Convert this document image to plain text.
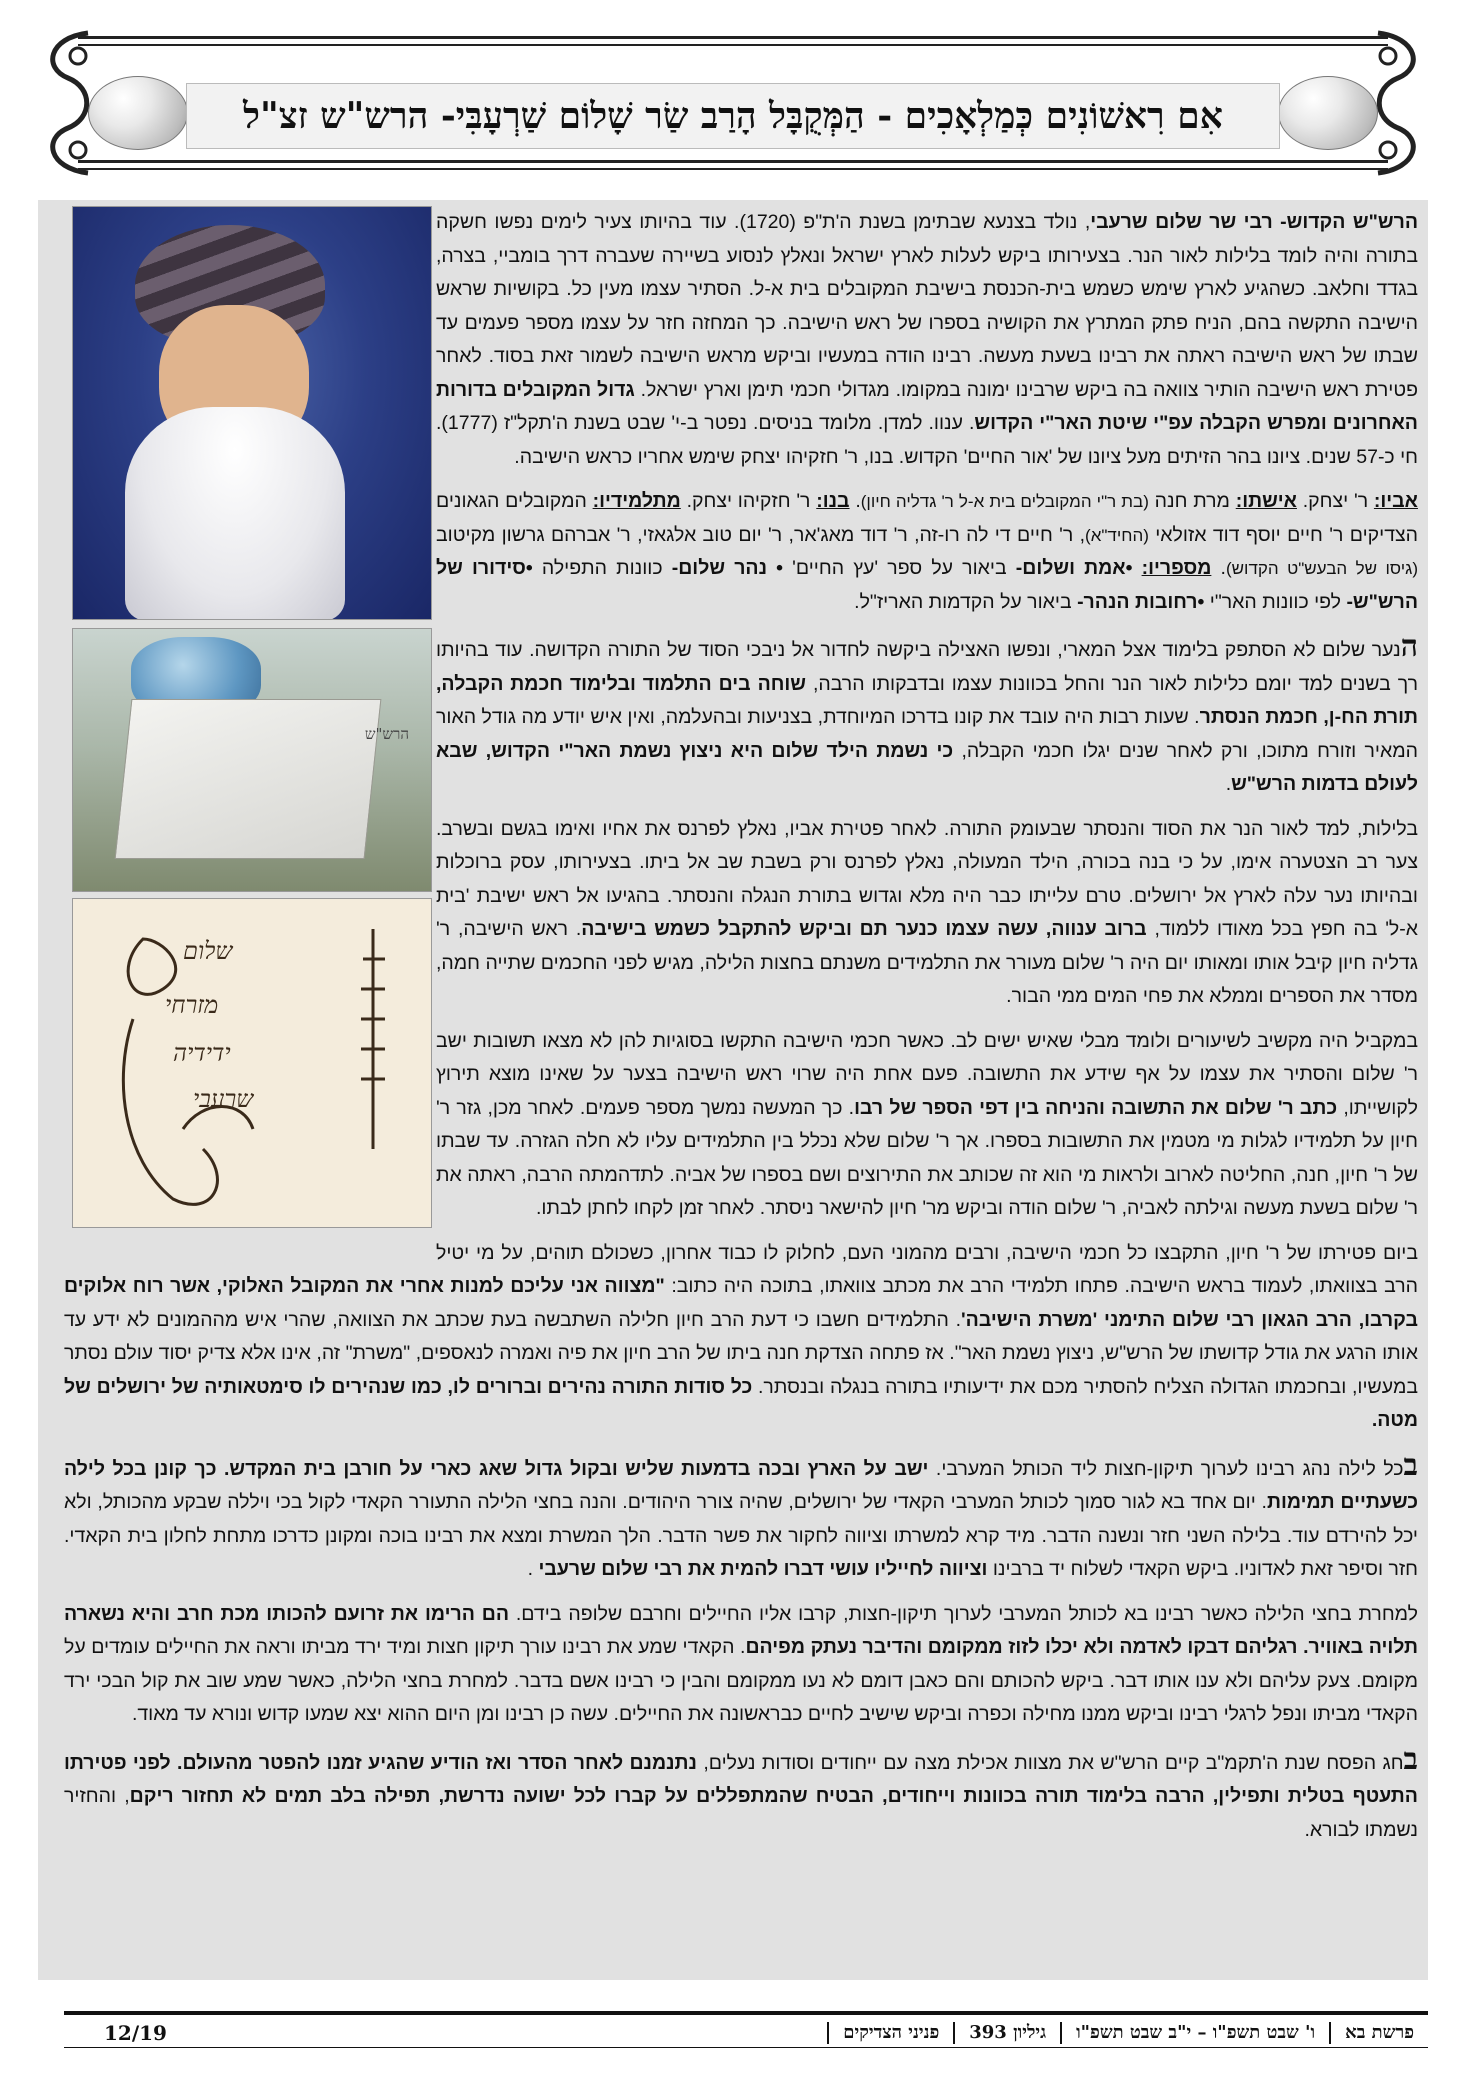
אִם רִאשׁוֹנִים כְּמַלְאָכִים - הַמְּקֻבָּל הָרַב שַׂר שָׁלוֹם שַׁרְעָבִּי- הרש"ש זצ"ל
הרש"ש
שלום
מזרחי
ידידיה
שרעבי

הרש"ש הקדוש- רבי שר שלום שרעבי, נולד בצנעא שבתימן בשנת ה'ת"פ (1720). עוד בהיותו צעיר לימים נפשו חשקה בתורה והיה לומד בלילות לאור הנר. בצעירותו ביקש לעלות לארץ ישראל ונאלץ לנסוע בשיירה שעברה דרך בומביי, בצרה, בגדד וחלאב. כשהגיע לארץ שימש כשמש בית-הכנסת בישיבת המקובלים בית א-ל. הסתיר עצמו מעין כל. בקושיות שראש הישיבה התקשה בהם, הניח פתק המתרץ את הקושיה בספרו של ראש הישיבה. כך המחזה חזר על עצמו מספר פעמים עד שבתו של ראש הישיבה ראתה את רבינו בשעת מעשה. רבינו הודה במעשיו וביקש מראש הישיבה לשמור זאת בסוד. לאחר פטירת ראש הישיבה הותיר צוואה בה ביקש שרבינו ימונה במקומו. מגדולי חכמי תימן וארץ ישראל. גדול המקובלים בדורות האחרונים ומפרש הקבלה עפ"י שיטת האר"י הקדוש. ענוו. למדן. מלומד בניסים. נפטר ב-י' שבט בשנת ה'תקל"ז (1777). חי כ-57 שנים. ציונו בהר הזיתים מעל ציונו של 'אור החיים' הקדוש. בנו, ר' חזקיהו יצחק שימש אחריו כראש הישיבה.

אביו: ר' יצחק. אישתו: מרת חנה (בת ר"י המקובלים בית א-ל ר' גדליה חיון). בנו: ר' חזקיהו יצחק. מתלמידיו: המקובלים הגאונים הצדיקים ר' חיים יוסף דוד אזולאי (החיד"א), ר' חיים די לה רו-זה, ר' דוד מאג'אר, ר' יום טוב אלגאזי, ר' אברהם גרשון מקיטוב (גיסו של הבעש"ט הקדוש). מספריו: •אמת ושלום- ביאור על ספר 'עץ החיים' • נהר שלום- כוונות התפילה •סידורו של הרש"ש- לפי כוונות האר"י •רחובות הנהר- ביאור על הקדמות האריז"ל.

הנער שלום לא הסתפק בלימוד אצל המארי, ונפשו האצילה ביקשה לחדור אל ניבכי הסוד של התורה הקדושה. עוד בהיותו רך בשנים למד יומם כלילות לאור הנר והחל בכוונות עצמו ובדבקותו הרבה, שוחה בים התלמוד ובלימוד חכמת הקבלה, תורת הח-ן, חכמת הנסתר. שעות רבות היה עובד את קונו בדרכו המיוחדת, בצניעות ובהעלמה, ואין איש יודע מה גודל האור המאיר וזורח מתוכו, ורק לאחר שנים יגלו חכמי הקבלה, כי נשמת הילד שלום היא ניצוץ נשמת האר"י הקדוש, שבא לעולם בדמות הרש"ש.

בלילות, למד לאור הנר את הסוד והנסתר שבעומק התורה. לאחר פטירת אביו, נאלץ לפרנס את אחיו ואימו בגשם ובשרב. צער רב הצטערה אימו, על כי בנה בכורה, הילד המעולה, נאלץ לפרנס ורק בשבת שב אל ביתו. בצעירותו, עסק ברוכלות ובהיותו נער עלה לארץ אל ירושלים. טרם עלייתו כבר היה מלא וגדוש בתורת הנגלה והנסתר. בהגיעו אל ראש ישיבת 'בית א-ל' בה חפץ בכל מאודו ללמוד, ברוב ענווה, עשה עצמו כנער תם וביקש להתקבל כשמש בישיבה. ראש הישיבה, ר' גדליה חיון קיבל אותו ומאותו יום היה ר' שלום מעורר את התלמידים משנתם בחצות הלילה, מגיש לפני החכמים שתייה חמה, מסדר את הספרים וממלא את פחי המים ממי הבור.

במקביל היה מקשיב לשיעורים ולומד מבלי שאיש ישים לב. כאשר חכמי הישיבה התקשו בסוגיות להן לא מצאו תשובות ישב ר' שלום והסתיר את עצמו על אף שידע את התשובה. פעם אחת היה שרוי ראש הישיבה בצער על שאינו מוצא תירוץ לקושייתו, כתב ר' שלום את התשובה והניחה בין דפי הספר של רבו. כך המעשה נמשך מספר פעמים. לאחר מכן, גזר ר' חיון על תלמידיו לגלות מי מטמין את התשובות בספרו. אך ר' שלום שלא נכלל בין התלמידים עליו לא חלה הגזרה. עד שבתו של ר' חיון, חנה, החליטה לארוב ולראות מי הוא זה שכותב את התירוצים ושם בספרו של אביה. לתדהמתה הרבה, ראתה את ר' שלום בשעת מעשה וגילתה לאביה, ר' שלום הודה וביקש מר' חיון להישאר ניסתר. לאחר זמן לקחו לחתן לבתו.

ביום פטירתו של ר' חיון, התקבצו כל חכמי הישיבה, ורבים מהמוני העם, לחלוק לו כבוד אחרון, כשכולם תוהים, על מי יטיל הרב בצוואתו, לעמוד בראש הישיבה. פתחו תלמידי הרב את מכתב צוואתו, בתוכה היה כתוב: "מצווה אני עליכם למנות אחרי את המקובל האלוקי, אשר רוח אלוקים בקרבו, הרב הגאון רבי שלום התימני 'משרת הישיבה'. התלמידים חשבו כי דעת הרב חיון חלילה השתבשה בעת שכתב את הצוואה, שהרי איש מההמונים לא ידע עד אותו הרגע את גודל קדושתו של הרש"ש, ניצוץ נשמת האר". אז פתחה הצדקת חנה ביתו של הרב חיון את פיה ואמרה לנאספים, "משרת" זה, אינו אלא צדיק יסוד עולם נסתר במעשיו, ובחכמתו הגדולה הצליח להסתיר מכם את ידיעותיו בתורה בנגלה ובנסתר. כל סודות התורה נהירים וברורים לו, כמו שנהירים לו סימטאותיה של ירושלים של מטה.

בכל לילה נהג רבינו לערוך תיקון-חצות ליד הכותל המערבי. ישב על הארץ ובכה בדמעות שליש ובקול גדול שאג כארי על חורבן בית המקדש. כך קונן בכל לילה כשעתיים תמימות. יום אחד בא לגור סמוך לכותל המערבי הקאדי של ירושלים, שהיה צורר היהודים. והנה בחצי הלילה התעורר הקאדי לקול בכי ויללה שבקע מהכותל, ולא יכל להירדם עוד. בלילה השני חזר ונשנה הדבר. מיד קרא למשרתו וציווה לחקור את פשר הדבר. הלך המשרת ומצא את רבינו בוכה ומקונן כדרכו מתחת לחלון בית הקאדי. חזר וסיפר זאת לאדוניו. ביקש הקאדי לשלוח יד ברבינו וציווה לחייליו עושי דברו להמית את רבי שלום שרעבי .

למחרת בחצי הלילה כאשר רבינו בא לכותל המערבי לערוך תיקון-חצות, קרבו אליו החיילים וחרבם שלופה בידם. הם הרימו את זרועם להכותו מכת חרב והיא נשארה תלויה באוויר. רגליהם דבקו לאדמה ולא יכלו לזוז ממקומם והדיבר נעתק מפיהם. הקאדי שמע את רבינו עורך תיקון חצות ומיד ירד מביתו וראה את החיילים עומדים על מקומם. צעק עליהם ולא ענו אותו דבר. ביקש להכותם והם כאבן דומם לא נעו ממקומם והבין כי רבינו אשם בדבר. למחרת בחצי הלילה, כאשר שמע שוב את קול הבכי ירד הקאדי מביתו ונפל לרגלי רבינו וביקש ממנו מחילה וכפרה וביקש שישיב לחיים כבראשונה את החיילים. עשה כן רבינו ומן היום ההוא יצא שמעו קדוש ונורא עד מאוד.

בחג הפסח שנת ה'תקמ"ב קיים הרש"ש את מצוות אכילת מצה עם ייחודים וסודות נעלים, נתנמנם לאחר הסדר ואז הודיע שהגיע זמנו להפטר מהעולם. לפני פטירתו התעטף בטלית ותפילין, הרבה בלימוד תורה בכוונות וייחודים, הבטיח שהמתפללים על קברו לכל ישועה נדרשת, תפילה בלב תמים לא תחזור ריקם, והחזיר נשמתו לבורא.

פרשת בא
ו' שבט תשפ"ו – י"ב שבט תשפ"ו
גיליון 393
פניני הצדיקים
12/19
